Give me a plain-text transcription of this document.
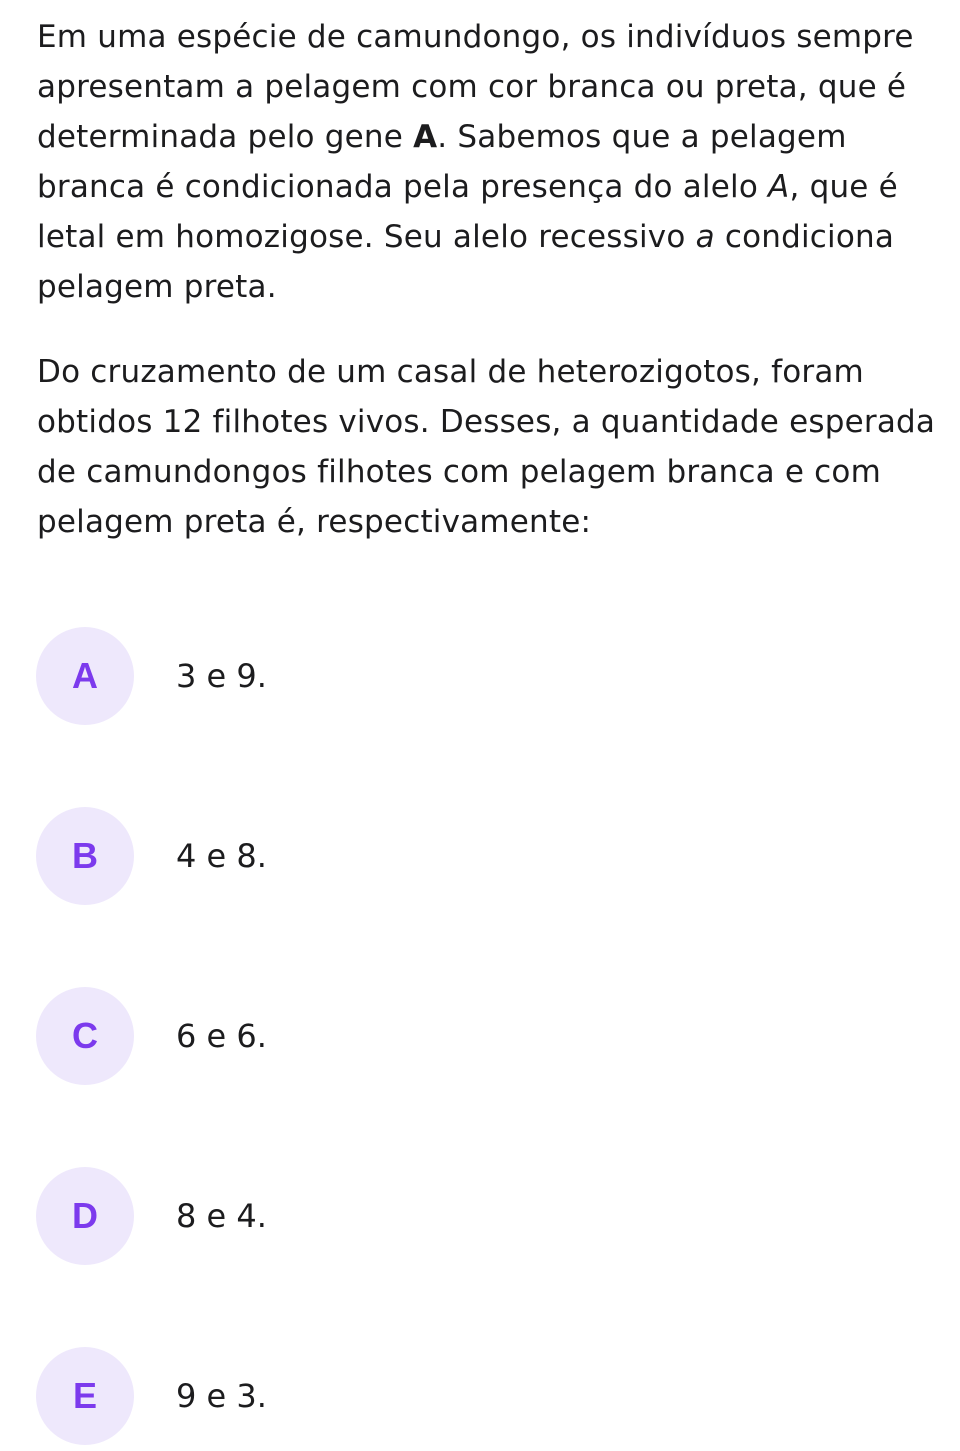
Em uma espécie de camundongo, os indivíduos sempre apresentam a pelagem com cor branca ou preta, que é determinada pelo gene A. Sabemos que a pelagem branca é condicionada pela presença do alelo A, que é letal em homozigose. Seu alelo recessivo a condiciona pelagem preta.

Do cruzamento de um casal de heterozigotos, foram obtidos 12 filhotes vivos. Desses, a quantidade esperada de camundongos filhotes com pelagem branca e com pelagem preta é, respectivamente:

A 3 e 9.
B 4 e 8.
C 6 e 6.
D 8 e 4.
E 9 e 3.
